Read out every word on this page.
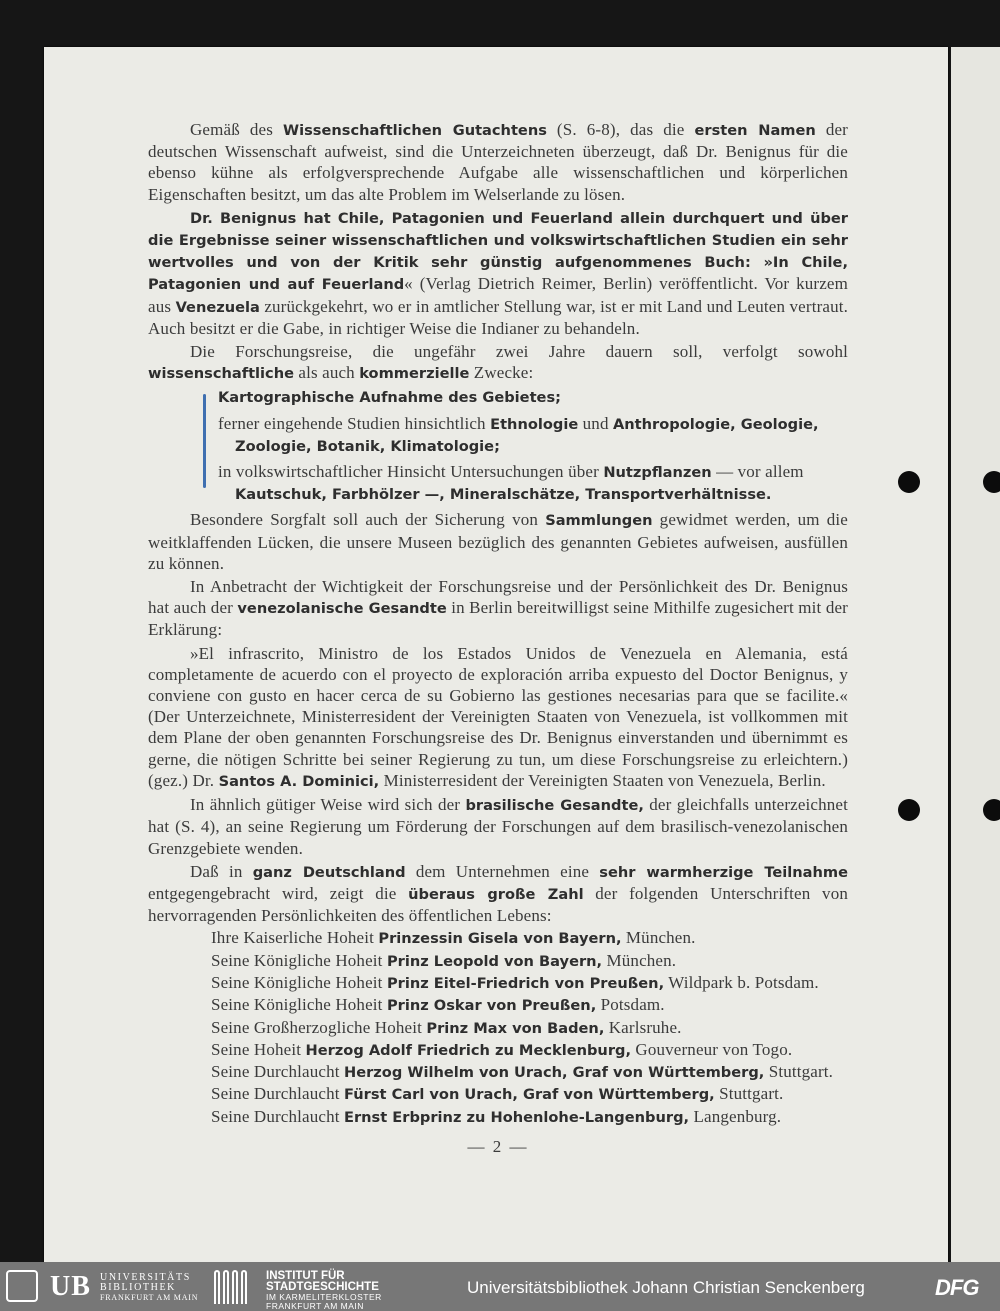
Gemäß des Wissenschaftlichen Gutachtens (S. 6-8), das die ersten Namen der deutschen Wissenschaft aufweist, sind die Unterzeichneten überzeugt, daß Dr. Benignus für die ebenso kühne als erfolgversprechende Aufgabe alle wissenschaftlichen und körperlichen Eigenschaften besitzt, um das alte Problem im Welserlande zu lösen.

Dr. Benignus hat Chile, Patagonien und Feuerland allein durchquert und über die Ergebnisse seiner wissenschaftlichen und volkswirtschaftlichen Studien ein sehr wertvolles und von der Kritik sehr günstig aufgenommenes Buch: »In Chile, Patagonien und auf Feuerland« (Verlag Dietrich Reimer, Berlin) veröffentlicht. Vor kurzem aus Venezuela zurückgekehrt, wo er in amtlicher Stellung war, ist er mit Land und Leuten vertraut. Auch besitzt er die Gabe, in richtiger Weise die Indianer zu behandeln.

Die Forschungsreise, die ungefähr zwei Jahre dauern soll, verfolgt sowohl wissenschaftliche als auch kommerzielle Zwecke:

Kartographische Aufnahme des Gebietes;

ferner eingehende Studien hinsichtlich Ethnologie und Anthropologie, Geologie,

Zoologie, Botanik, Klimatologie;

in volkswirtschaftlicher Hinsicht Untersuchungen über Nutzpflanzen — vor allem

Kautschuk, Farbhölzer —, Mineralschätze, Transportverhältnisse.

Besondere Sorgfalt soll auch der Sicherung von Sammlungen gewidmet werden, um die weitklaffenden Lücken, die unsere Museen bezüglich des genannten Gebietes aufweisen, ausfüllen zu können.

In Anbetracht der Wichtigkeit der Forschungsreise und der Persönlichkeit des Dr. Benignus hat auch der venezolanische Gesandte in Berlin bereitwilligst seine Mithilfe zugesichert mit der Erklärung:

»El infrascrito, Ministro de los Estados Unidos de Venezuela en Alemania, está completamente de acuerdo con el proyecto de exploración arriba expuesto del Doctor Benignus, y conviene con gusto en hacer cerca de su Gobierno las gestiones necesarias para que se facilite.« (Der Unterzeichnete, Ministerresident der Vereinigten Staaten von Venezuela, ist vollkommen mit dem Plane der oben genannten Forschungsreise des Dr. Benignus einverstanden und übernimmt es gerne, die nötigen Schritte bei seiner Regierung zu tun, um diese Forschungsreise zu erleichtern.) (gez.) Dr. Santos A. Dominici, Ministerresident der Vereinigten Staaten von Venezuela, Berlin.

In ähnlich gütiger Weise wird sich der brasilische Gesandte, der gleichfalls unterzeichnet hat (S. 4), an seine Regierung um Förderung der Forschungen auf dem brasilisch-venezolanischen Grenzgebiete wenden.

Daß in ganz Deutschland dem Unternehmen eine sehr warmherzige Teilnahme entgegengebracht wird, zeigt die überaus große Zahl der folgenden Unterschriften von hervorragenden Persönlichkeiten des öffentlichen Lebens:

Ihre Kaiserliche Hoheit Prinzessin Gisela von Bayern, München.
Seine Königliche Hoheit Prinz Leopold von Bayern, München.
Seine Königliche Hoheit Prinz Eitel-Friedrich von Preußen, Wildpark b. Potsdam.
Seine Königliche Hoheit Prinz Oskar von Preußen, Potsdam.
Seine Großherzogliche Hoheit Prinz Max von Baden, Karlsruhe.
Seine Hoheit Herzog Adolf Friedrich zu Mecklenburg, Gouverneur von Togo.
Seine Durchlaucht Herzog Wilhelm von Urach, Graf von Württemberg, Stuttgart.
Seine Durchlaucht Fürst Carl von Urach, Graf von Württemberg, Stuttgart.
Seine Durchlaucht Ernst Erbprinz zu Hohenlohe-Langenburg, Langenburg.
— 2 —
UB UNIVERSITÄTS
BIBLIOTHEK
FRANKFURT AM MAIN
INSTITUT FÜR
STADTGESCHICHTE
IM KARMELITERKLOSTER
FRANKFURT AM MAIN
Universitätsbibliothek Johann Christian Senckenberg	DFG
